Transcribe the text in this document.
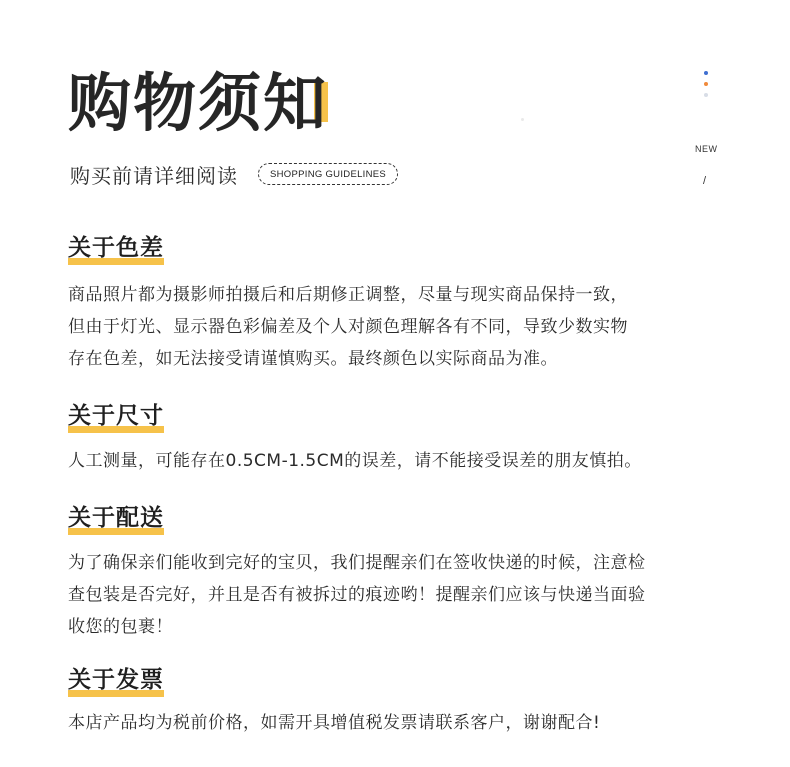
购物须知
购买前请详细阅读	SHOPPING GUIDELINES
NEW
/
关于色差

商品照片都为摄影师拍摄后和后期修正调整，尽量与现实商品保持一致，
但由于灯光、显示器色彩偏差及个人对颜色理解各有不同，导致少数实物
存在色差，如无法接受请谨慎购买。最终颜色以实际商品为准。

关于尺寸

人工测量，可能存在0.5CM-1.5CM的误差，请不能接受误差的朋友慎拍。

关于配送

为了确保亲们能收到完好的宝贝，我们提醒亲们在签收快递的时候，注意检
查包装是否完好，并且是否有被拆过的痕迹哟！提醒亲们应该与快递当面验
收您的包裹！

关于发票

本店产品均为税前价格，如需开具增值税发票请联系客户，谢谢配合!
